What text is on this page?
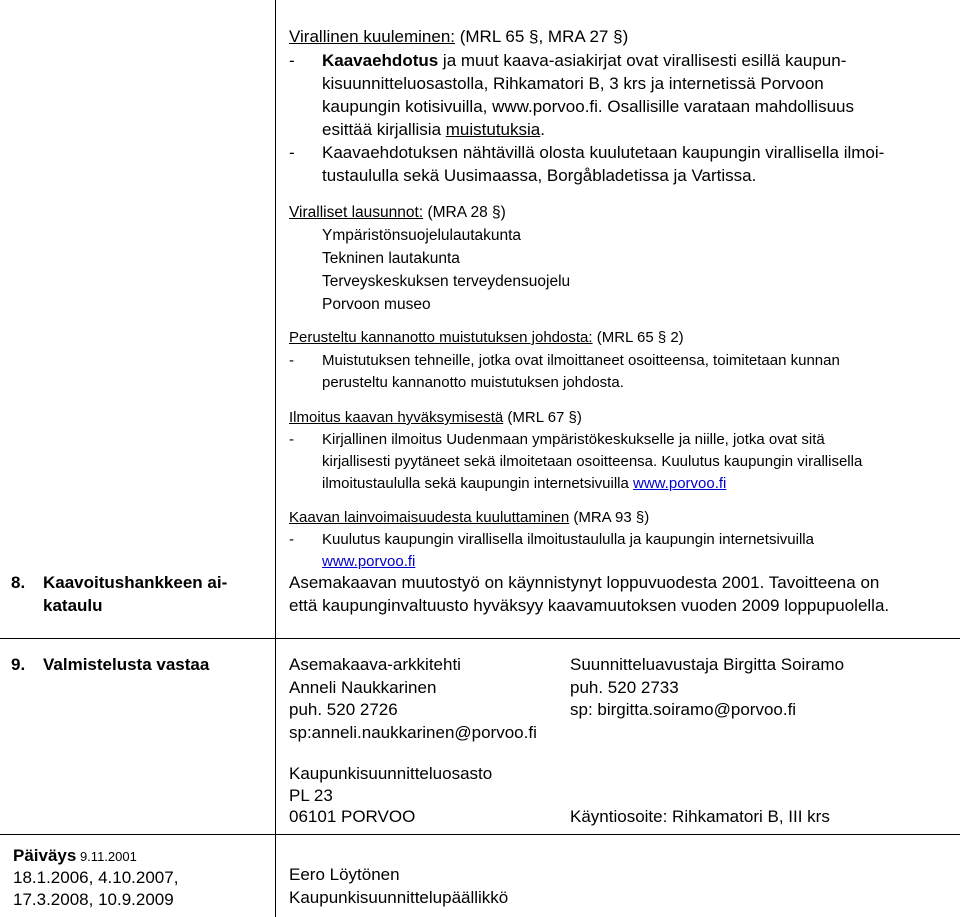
Virallinen kuuleminen: (MRL 65 §, MRA 27 §)
- Kaavaehdotus ja muut kaava-asiakirjat ovat virallisesti esillä kaupun-
kisuunnitteluosastolla, Rihkamatori B, 3 krs ja internetissä Porvoon
kaupungin kotisivuilla, www.porvoo.fi. Osallisille varataan mahdollisuus
esittää kirjallisia muistutuksia.
- Kaavaehdotuksen nähtävillä olosta kuulutetaan kaupungin virallisella ilmoi-
tustaululla sekä Uusimaassa, Borgåbladetissa ja Vartissa.
Viralliset lausunnot: (MRA 28 §)
Ympäristönsuojelulautakunta
Tekninen lautakunta
Terveyskeskuksen terveydensuojelu
Porvoon museo
Perusteltu kannanotto muistutuksen johdosta: (MRL 65 § 2)
- Muistutuksen tehneille, jotka ovat ilmoittaneet osoitteensa, toimitetaan kunnan
perusteltu kannanotto muistutuksen johdosta.
Ilmoitus kaavan hyväksymisestä (MRL 67 §)
- Kirjallinen ilmoitus Uudenmaan ympäristökeskukselle ja niille, jotka ovat sitä
kirjallisesti pyytäneet sekä ilmoitetaan osoitteensa. Kuulutus kaupungin virallisella
ilmoitustaululla sekä kaupungin internetsivuilla www.porvoo.fi
Kaavan lainvoimaisuudesta kuuluttaminen (MRA 93 §)
- Kuulutus kaupungin virallisella ilmoitustaululla ja kaupungin internetsivuilla
www.porvoo.fi
8. Kaavoitushankkeen ai-
kataulu
Asemakaavan muutostyö on käynnistynyt loppuvuodesta 2001. Tavoitteena on
että kaupunginvaltuusto hyväksyy kaavamuutoksen vuoden 2009 loppupuolella.
9. Valmistelusta vastaa	Asemakaava-arkkitehti
Anneli Naukkarinen
puh. 520 2726
sp:anneli.naukkarinen@porvoo.fi
Suunnitteluavustaja Birgitta Soiramo
puh. 520 2733
sp: birgitta.soiramo@porvoo.fi
Kaupunkisuunnitteluosasto
PL 23
06101 PORVOO	Käyntiosoite: Rihkamatori B, III krs
Päiväys 9.11.2001
18.1.2006, 4.10.2007,
17.3.2008, 10.9.2009
Eero Löytönen
Kaupunkisuunnittelupäällikkö
